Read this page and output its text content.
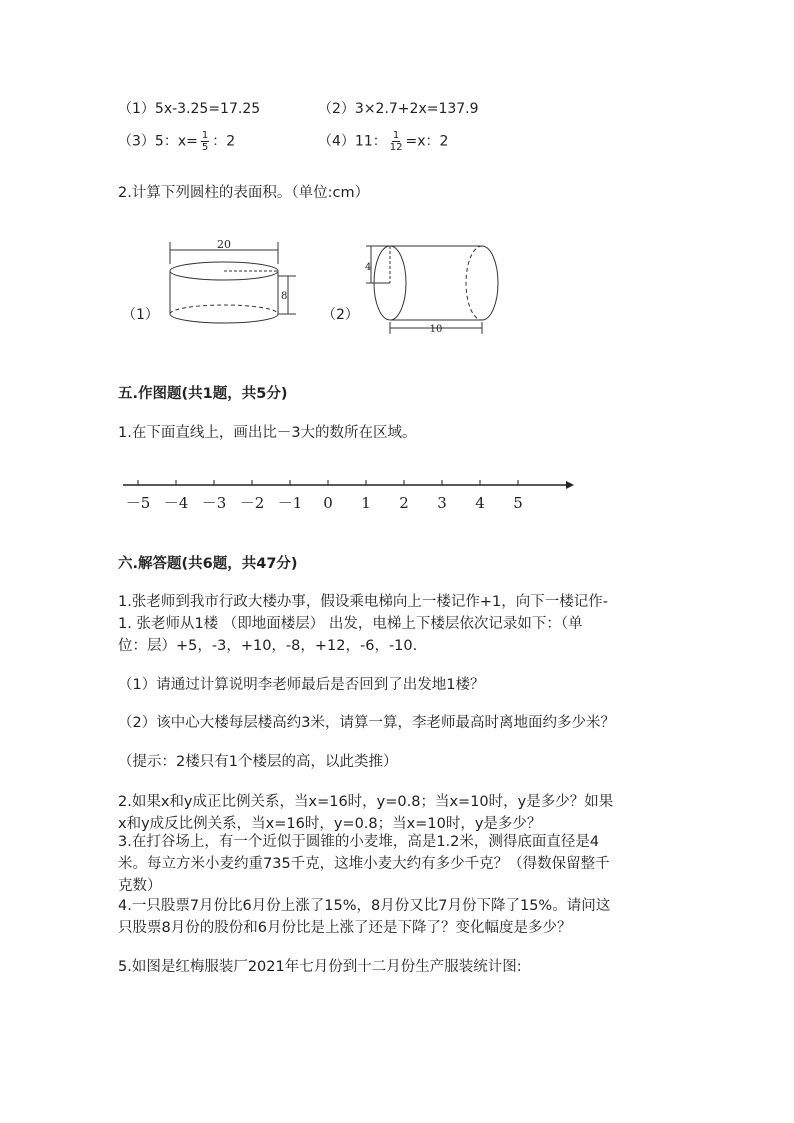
（1）5x-3.25=17.25	（2）3×2.7+2x=137.9
（3）5：$x= \frac{1}{5}$ ：2	（4）11： $\frac{1}{12} =x$：2
2.计算下列圆柱的表面积。（单位:cm）
（1）
20
8
（2）
4
10
五.作图题(共1题，共5分)
1.在下面直线上，画出比－3大的数所在区域。
－5 －4 －3 －2 －1 0 1 2 3 4 5
六.解答题(共6题，共47分)
1.张老师到我市行政大楼办事，假设乘电梯向上一楼记作+1，向下一楼记作-
1. 张老师从1楼 （即地面楼层） 出发，电梯上下楼层依次记录如下：（单
位：层）+5，-3，+10，-8，+12，-6，-10.
（1）请通过计算说明李老师最后是否回到了出发地1楼？
（2）该中心大楼每层楼高约3米，请算一算，李老师最高时离地面约多少米？
（提示：2楼只有1个楼层的高，以此类推）
2.如果x和y成正比例关系，当x=16时，y=0.8；当x=10时，y是多少？如果
x和y成反比例关系，当x=16时，y=0.8；当x=10时，y是多少？
3.在打谷场上，有一个近似于圆锥的小麦堆，高是1.2米，测得底面直径是4
米。每立方米小麦约重735千克，这堆小麦大约有多少千克？（得数保留整千
克数）
4.一只股票7月份比6月份上涨了15%，8月份又比7月份下降了15%。请问这
只股票8月份的股份和6月份比是上涨了还是下降了？变化幅度是多少？
5.如图是红梅服装厂2021年七月份到十二月份生产服装统计图:
